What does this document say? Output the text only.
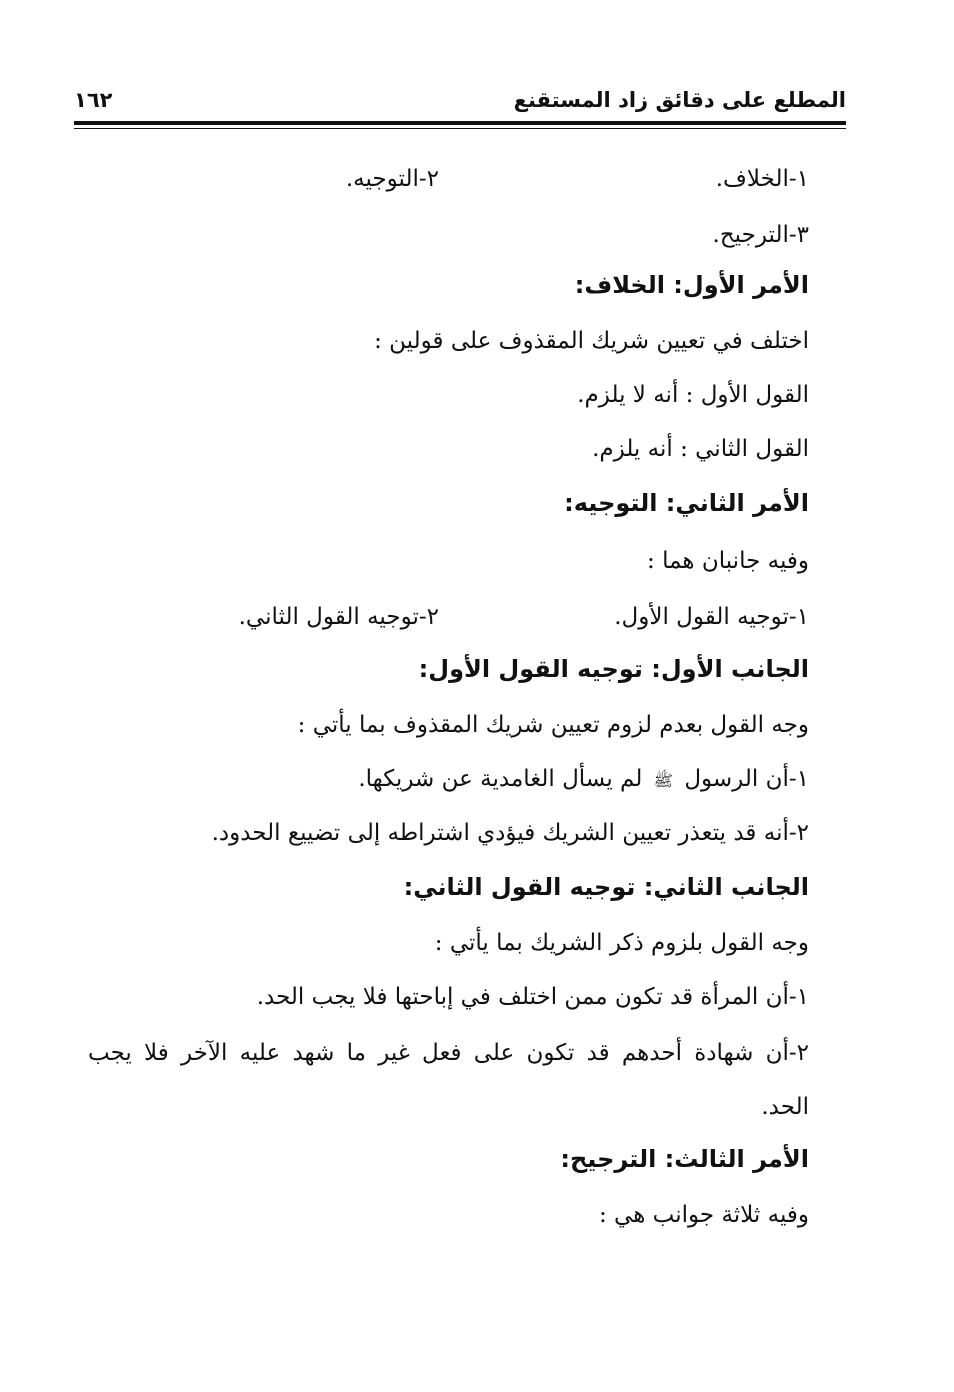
المطلع على دقائق زاد المستقنع
١٦٢
١-الخلاف.
٢-التوجيه.
٣-الترجيح.
الأمر الأول: الخلاف:
اختلف في تعيين شريك المقذوف على قولين :
القول الأول : أنه لا يلزم.
القول الثاني : أنه يلزم.
الأمر الثاني: التوجيه:
وفيه جانبان هما :
١-توجيه القول الأول.
٢-توجيه القول الثاني.
الجانب الأول: توجيه القول الأول:
وجه القول بعدم لزوم تعيين شريك المقذوف بما يأتي :
١-أن الرسول ﷺ لم يسأل الغامدية عن شريكها.
٢-أنه قد يتعذر تعيين الشريك فيؤدي اشتراطه إلى تضييع الحدود.
الجانب الثاني: توجيه القول الثاني:
وجه القول بلزوم ذكر الشريك بما يأتي :
١-أن المرأة قد تكون ممن اختلف في إباحتها فلا يجب الحد.
٢-أن شهادة أحدهم قد تكون على فعل غير ما شهد عليه الآخر فلا يجب
الحد.
الأمر الثالث: الترجيح:
وفيه ثلاثة جوانب هي :
